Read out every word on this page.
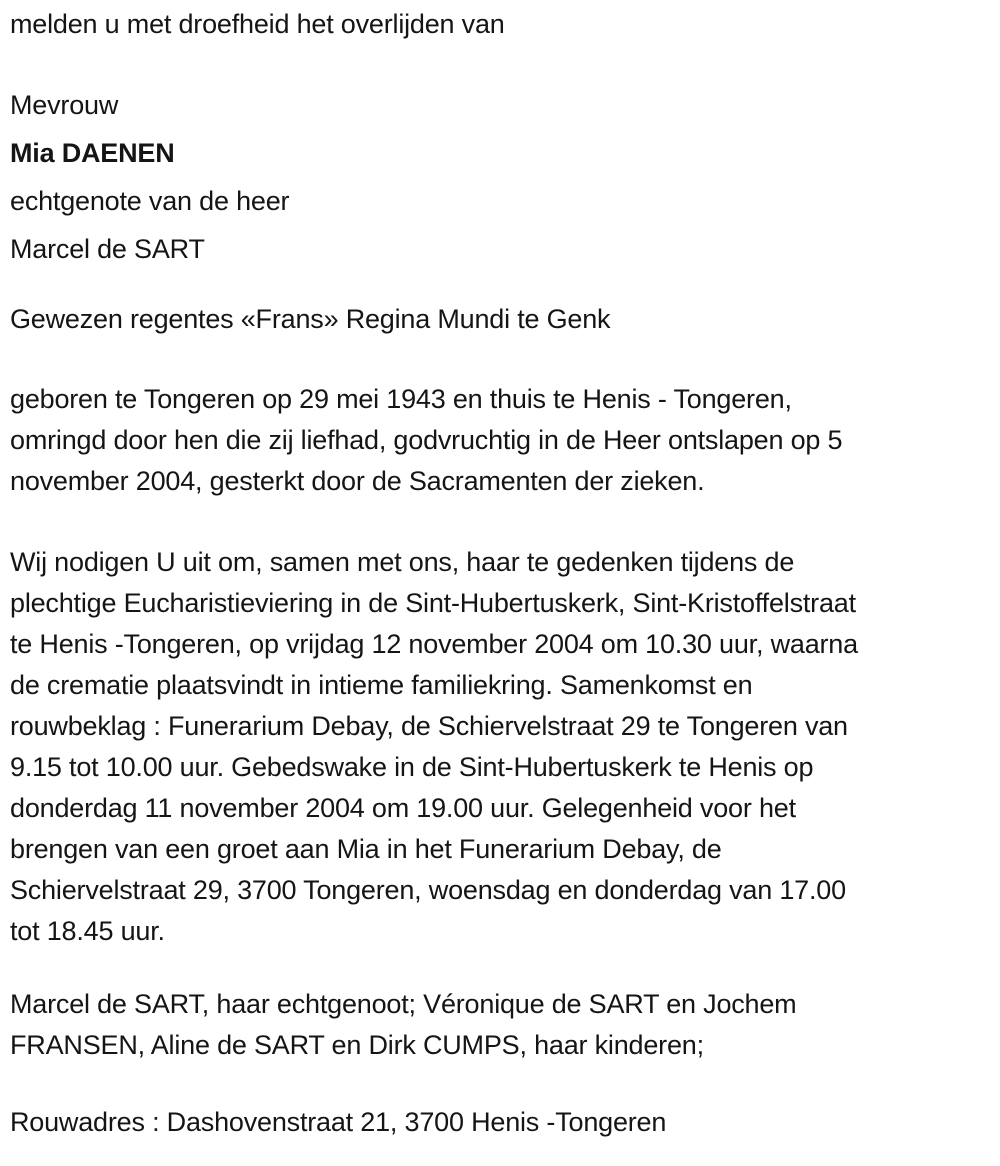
melden u met droefheid het overlijden van

Mevrouw

Mia DAENEN

echtgenote van de heer

Marcel de SART

Gewezen regentes «Frans» Regina Mundi te Genk

geboren te Tongeren op 29 mei 1943 en thuis te Henis - Tongeren,
omringd door hen die zij liefhad, godvruchtig in de Heer ontslapen op 5
november 2004, gesterkt door de Sacramenten der zieken.

Wij nodigen U uit om, samen met ons, haar te gedenken tijdens de
plechtige Eucharistieviering in de Sint-Hubertuskerk, Sint-Kristoffelstraat
te Henis -Tongeren, op vrijdag 12 november 2004 om 10.30 uur, waarna
de crematie plaatsvindt in intieme familiekring. Samenkomst en
rouwbeklag : Funerarium Debay, de Schiervelstraat 29 te Tongeren van
9.15 tot 10.00 uur. Gebedswake in de Sint-Hubertuskerk te Henis op
donderdag 11 november 2004 om 19.00 uur. Gelegenheid voor het
brengen van een groet aan Mia in het Funerarium Debay, de
Schiervelstraat 29, 3700 Tongeren, woensdag en donderdag van 17.00
tot 18.45 uur.

Marcel de SART, haar echtgenoot; Véronique de SART en Jochem
FRANSEN, Aline de SART en Dirk CUMPS, haar kinderen;

Rouwadres : Dashovenstraat 21, 3700 Henis -Tongeren
